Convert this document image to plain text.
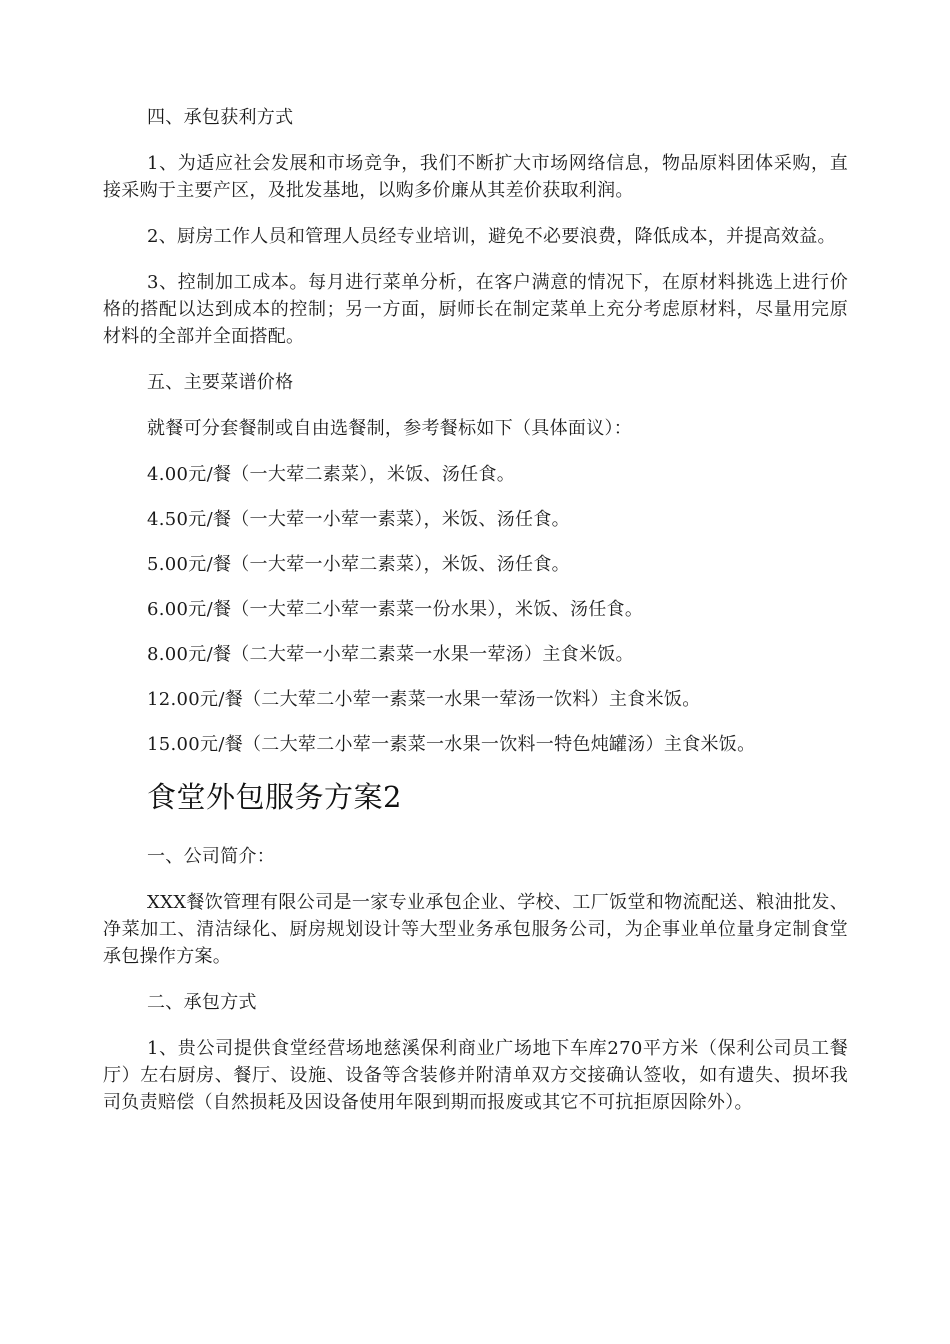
四、承包获利方式

1、为适应社会发展和市场竞争，我们不断扩大市场网络信息，物品原料团体采购，直接采购于主要产区，及批发基地，以购多价廉从其差价获取利润。

2、厨房工作人员和管理人员经专业培训，避免不必要浪费，降低成本，并提高效益。

3、控制加工成本。每月进行菜单分析，在客户满意的情况下，在原材料挑选上进行价格的搭配以达到成本的控制；另一方面，厨师长在制定菜单上充分考虑原材料，尽量用完原材料的全部并全面搭配。

五、主要菜谱价格

就餐可分套餐制或自由选餐制，参考餐标如下（具体面议）：

4.00元/餐（一大荤二素菜），米饭、汤任食。

4.50元/餐（一大荤一小荤一素菜），米饭、汤任食。

5.00元/餐（一大荤一小荤二素菜），米饭、汤任食。

6.00元/餐（一大荤二小荤一素菜一份水果），米饭、汤任食。

8.00元/餐（二大荤一小荤二素菜一水果一荤汤）主食米饭。

12.00元/餐（二大荤二小荤一素菜一水果一荤汤一饮料）主食米饭。

15.00元/餐（二大荤二小荤一素菜一水果一饮料一特色炖罐汤）主食米饭。

食堂外包服务方案2

一、公司简介：

XXX餐饮管理有限公司是一家专业承包企业、学校、工厂饭堂和物流配送、粮油批发、净菜加工、清洁绿化、厨房规划设计等大型业务承包服务公司，为企事业单位量身定制食堂承包操作方案。

二、承包方式

1、贵公司提供食堂经营场地慈溪保利商业广场地下车库270平方米（保利公司员工餐厅）左右厨房、餐厅、设施、设备等含装修并附清单双方交接确认签收，如有遗失、损坏我司负责赔偿（自然损耗及因设备使用年限到期而报废或其它不可抗拒原因除外）。
